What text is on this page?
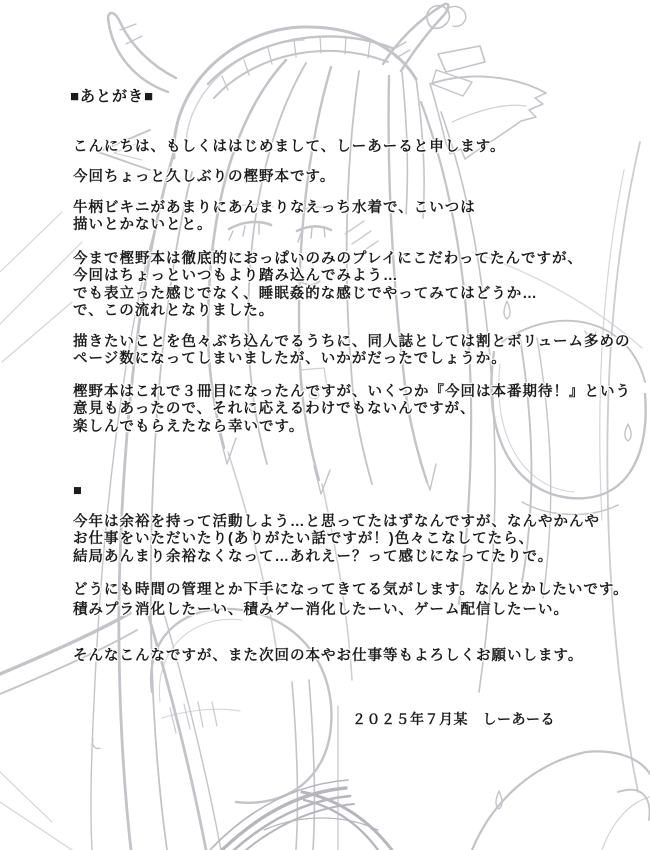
■あとがき■
こんにちは、もしくははじめまして、しーあーると申します。
今回ちょっと久しぶりの樫野本です。
牛柄ビキニがあまりにあんまりなえっち水着で、こいつは
描いとかないとと。
今まで樫野本は徹底的におっぱいのみのプレイにこだわってたんですが、
今回はちょっといつもより踏み込んでみよう…
でも表立った感じでなく、睡眠姦的な感じでやってみてはどうか…
で、この流れとなりました。
描きたいことを色々ぶち込んでるうちに、同人誌としては割とボリューム多めの
ページ数になってしまいましたが、いかがだったでしょうか。
樫野本はこれで３冊目になったんですが、いくつか『今回は本番期待！』という
意見もあったので、それに応えるわけでもないんですが、
楽しんでもらえたなら幸いです。
■
今年は余裕を持って活動しよう…と思ってたはずなんですが、なんやかんや
お仕事をいただいたり(ありがたい話ですが！)色々こなしてたら、
結局あんまり余裕なくなって…あれえー？って感じになってたりで。
どうにも時間の管理とか下手になってきてる気がします。なんとかしたいです。
積みプラ消化したーい、積みゲー消化したーい、ゲーム配信したーい。
そんなこんなですが、また次回の本やお仕事等もよろしくお願いします。
２０２５年７月某　しーあーる
